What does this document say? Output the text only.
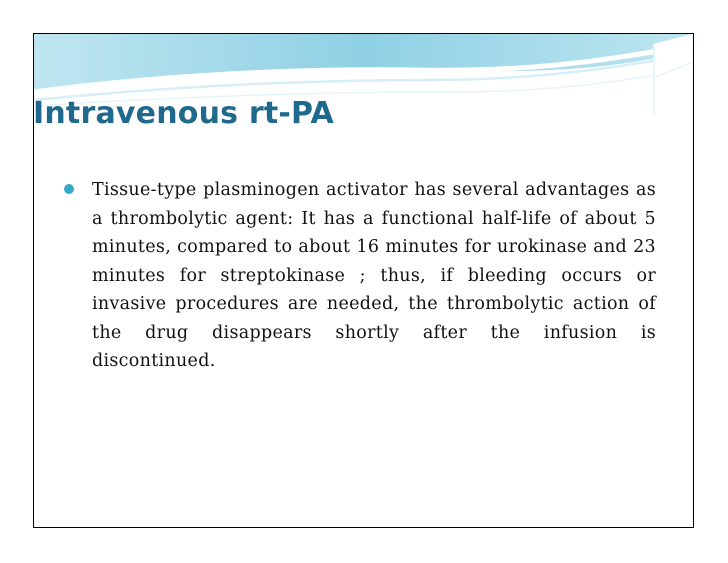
Intravenous rt-PA

Tissue-type plasminogen activator has several advantages as a thrombolytic agent: It has a functional half-life of about 5 minutes, compared to about 16 minutes for urokinase and 23 minutes for streptokinase ; thus, if bleeding occurs or invasive procedures are needed, the thrombolytic action of the drug disappears shortly after the infusion is discontinued.
